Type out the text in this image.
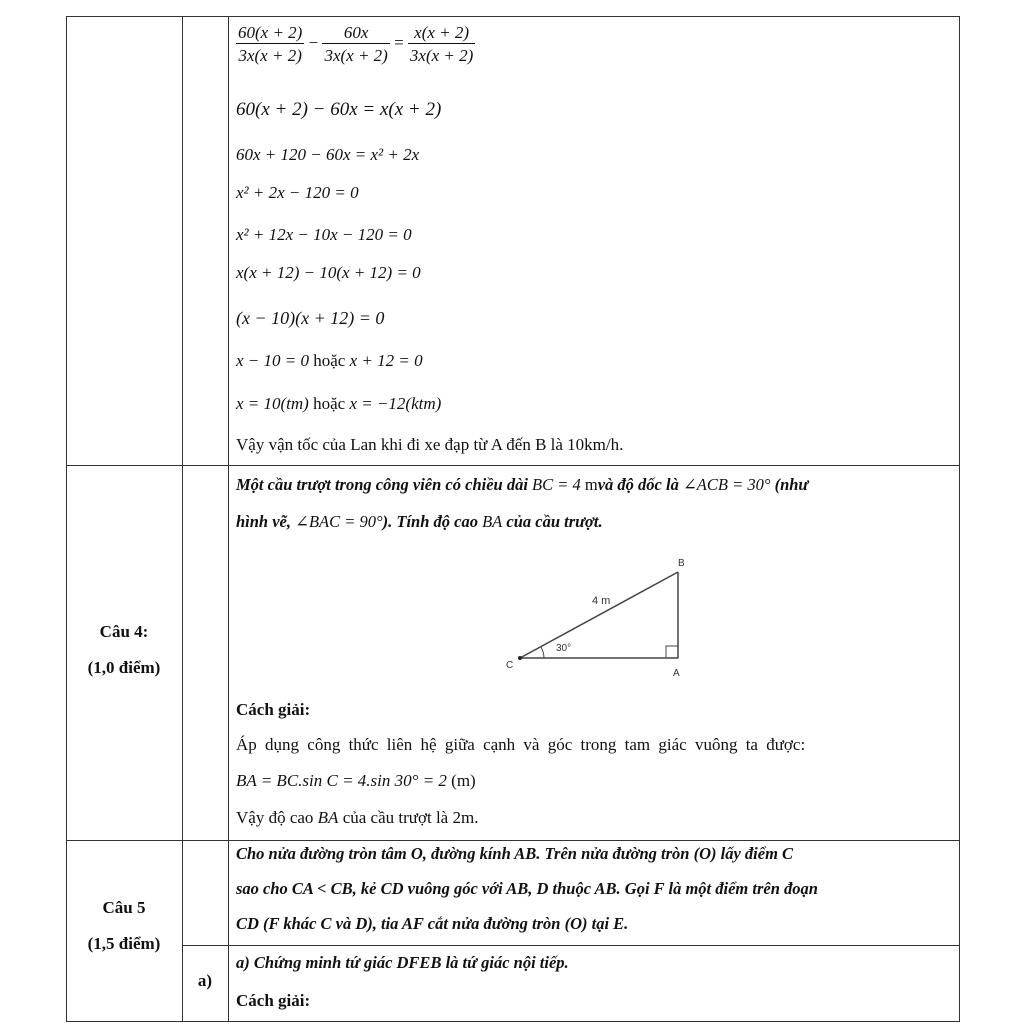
$\frac{60(x + 2)}{3x(x + 2)} - \frac{60x}{3x(x + 2)} = \frac{x(x + 2)}{3x(x + 2)}$
60(x + 2) − 60x = x(x + 2)
60x + 120 − 60x = x² + 2x
x² + 2x − 120 = 0
x² + 12x − 10x − 120 = 0
x(x + 12) − 10(x + 12) = 0
(x − 10)(x + 12) = 0
x − 10 = 0 hoặc x + 12 = 0
x = 10(tm) hoặc x = −12(ktm)
Vậy vận tốc của Lan khi đi xe đạp từ A đến B là 10km/h.
Câu 4:
(1,0 điểm)
Một cầu trượt trong công viên có chiều dài BC = 4 mvà độ dốc là ∠ACB = 30° (như
hình vẽ, ∠BAC = 90°). Tính độ cao BA của cầu trượt.
B
C
A
4 m
30°
Cách giải:
Áp dụng công thức liên hệ giữa cạnh và góc trong tam giác vuông ta được:
BA = BC.sin C = 4.sin 30° = 2 (m)
Vậy độ cao BA của cầu trượt là 2m.
Câu 5
(1,5 điểm)
Cho nửa đường tròn tâm O, đường kính AB. Trên nửa đường tròn (O) lấy điểm C
sao cho CA < CB, kẻ CD vuông góc với AB, D thuộc AB. Gọi F là một điểm trên đoạn
CD (F khác C và D), tia AF cắt nửa đường tròn (O) tại E.
a)
a) Chứng minh tứ giác DFEB là tứ giác nội tiếp.
Cách giải:
